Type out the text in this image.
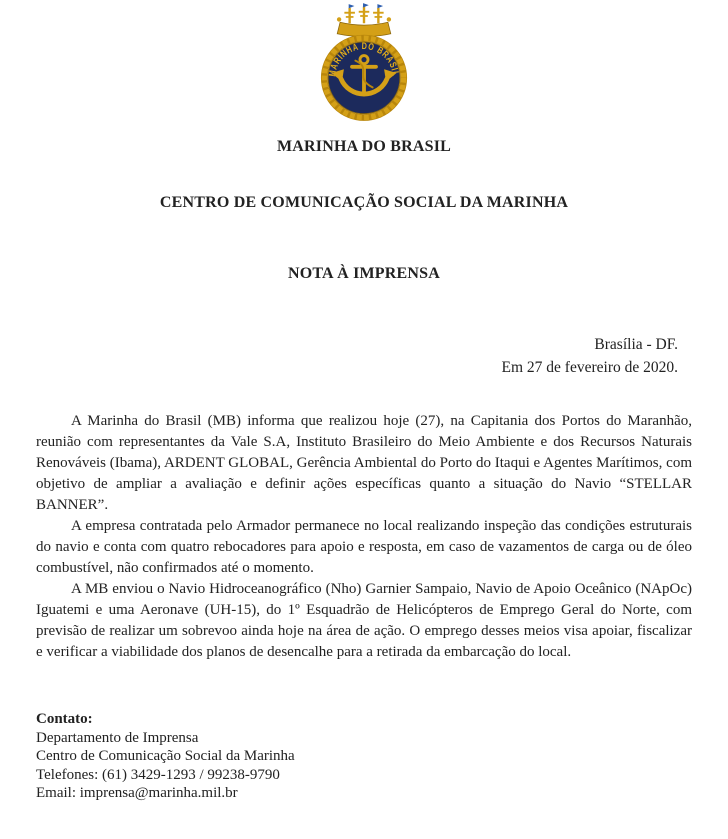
MARINHA DO BRASIL
MARINHA DO BRASIL
CENTRO DE COMUNICAÇÃO SOCIAL DA MARINHA
NOTA À IMPRENSA
Brasília - DF.
Em 27 de fevereiro de 2020.

A Marinha do Brasil (MB) informa que realizou hoje (27), na Capitania dos Portos do Maranhão, reunião com representantes da Vale S.A, Instituto Brasileiro do Meio Ambiente e dos Recursos Naturais Renováveis (Ibama), ARDENT GLOBAL, Gerência Ambiental do Porto do Itaqui e Agentes Marítimos, com objetivo de ampliar a avaliação e definir ações específicas quanto a situação do Navio “STELLAR BANNER”.

A empresa contratada pelo Armador permanece no local realizando inspeção das condições estruturais do navio e conta com quatro rebocadores para apoio e resposta, em caso de vazamentos de carga ou de óleo combustível, não confirmados até o momento.

A MB enviou o Navio Hidroceanográfico (Nho) Garnier Sampaio, Navio de Apoio Oceânico (NApOc) Iguatemi e uma Aeronave (UH-15), do 1º Esquadrão de Helicópteros de Emprego Geral do Norte, com previsão de realizar um sobrevoo ainda hoje na área de ação. O emprego desses meios visa apoiar, fiscalizar e verificar a viabilidade dos planos de desencalhe para a retirada da embarcação do local.

Contato:
Departamento de Imprensa
Centro de Comunicação Social da Marinha
Telefones: (61) 3429-1293 / 99238-9790
Email: imprensa@marinha.mil.br
